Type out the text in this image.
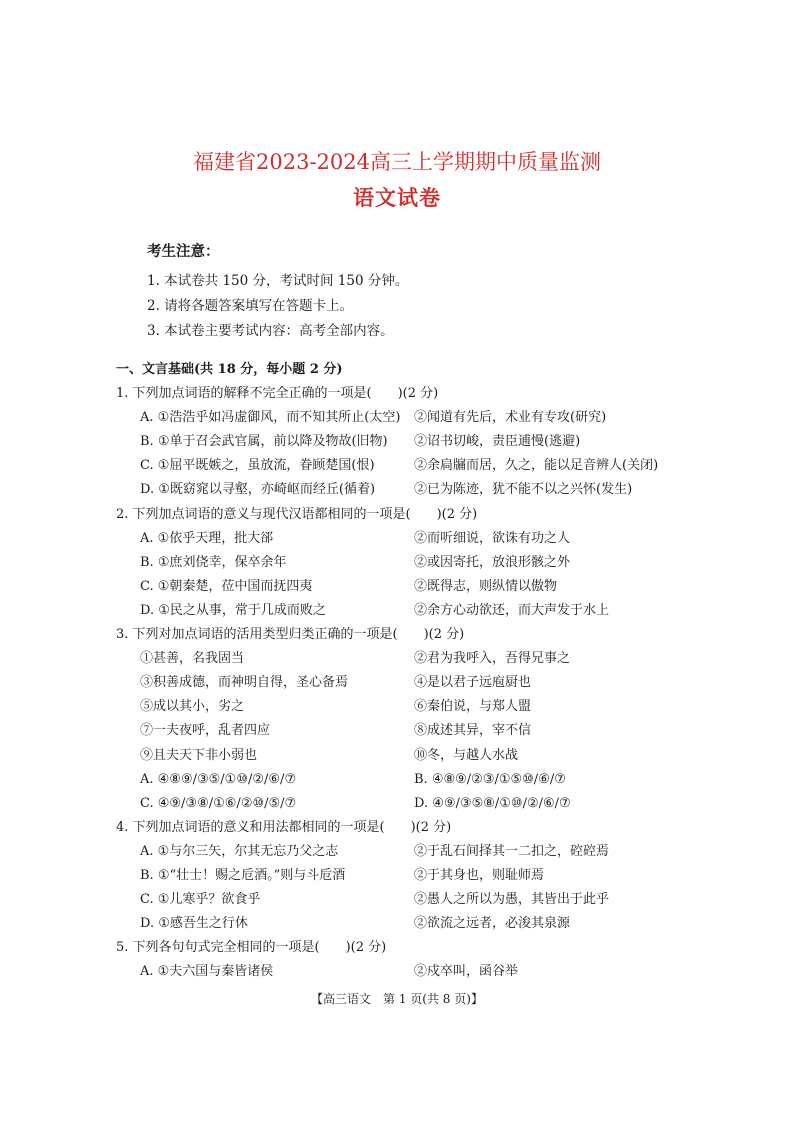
福建省2023-2024高三上学期期中质量监测
语文试卷
考生注意：
1. 本试卷共 150 分，考试时间 150 分钟。
2. 请将各题答案填写在答题卡上。
3. 本试卷主要考试内容：高考全部内容。
一、文言基础(共 18 分，每小题 2 分)
1. 下列加点词语的解释不完全正确的一项是(　　)(2 分)
A. ①浩浩乎如冯虚御风，而不知其所止(太空) ②闻道有先后，术业有专攻(研究)
B. ①单于召会武官属，前以降及物故(旧物) ②诏书切峻，责臣逋慢(逃避)
C. ①屈平既嫉之，虽放流，眷顾楚国(恨)	②余扃牖而居，久之，能以足音辨人(关闭)
D. ①既窈窕以寻壑，亦崎岖而经丘(循着)	②已为陈迹，犹不能不以之兴怀(发生)
2. 下列加点词语的意义与现代汉语都相同的一项是(　　)(2 分)
A. ①依乎天理，批大郤	②而听细说，欲诛有功之人
B. ①庶刘侥幸，保卒余年	②或因寄托，放浪形骸之外
C. ①朝秦楚，莅中国而抚四夷	②既得志，则纵情以傲物
D. ①民之从事，常于几成而败之	②余方心动欲还，而大声发于水上
3. 下列对加点词语的活用类型归类正确的一项是(　　)(2 分)
①甚善，名我固当	②君为我呼入，吾得兄事之
③积善成德，而神明自得，圣心备焉	④是以君子远庖厨也
⑤成以其小，劣之	⑥秦伯说，与郑人盟
⑦一夫夜呼，乱者四应	⑧成述其异，宰不信
⑨且夫天下非小弱也	⑩冬，与越人水战
A. ④⑧⑨/③⑤/①⑩/②/⑥/⑦	B. ④⑧⑨/②③/①⑤⑩/⑥/⑦
C. ④⑨/③⑧/①⑥/②⑩/⑤/⑦	D. ④⑨/③⑤⑧/①⑩/②/⑥/⑦
4. 下列加点词语的意义和用法都相同的一项是(　　)(2 分)
A. ①与尔三矢，尔其无忘乃父之志	②于乱石间择其一二扣之，硿硿焉
B. ①“壮士！赐之卮酒。”则与斗卮酒	②于其身也，则耻师焉
C. ①儿寒乎？欲食乎	②愚人之所以为愚，其皆出于此乎
D. ①感吾生之行休	②欲流之远者，必浚其泉源
5. 下列各句句式完全相同的一项是(　　)(2 分)
A. ①夫六国与秦皆诸侯	②戍卒叫，函谷举
【高三语文　第 1 页(共 8 页)】
